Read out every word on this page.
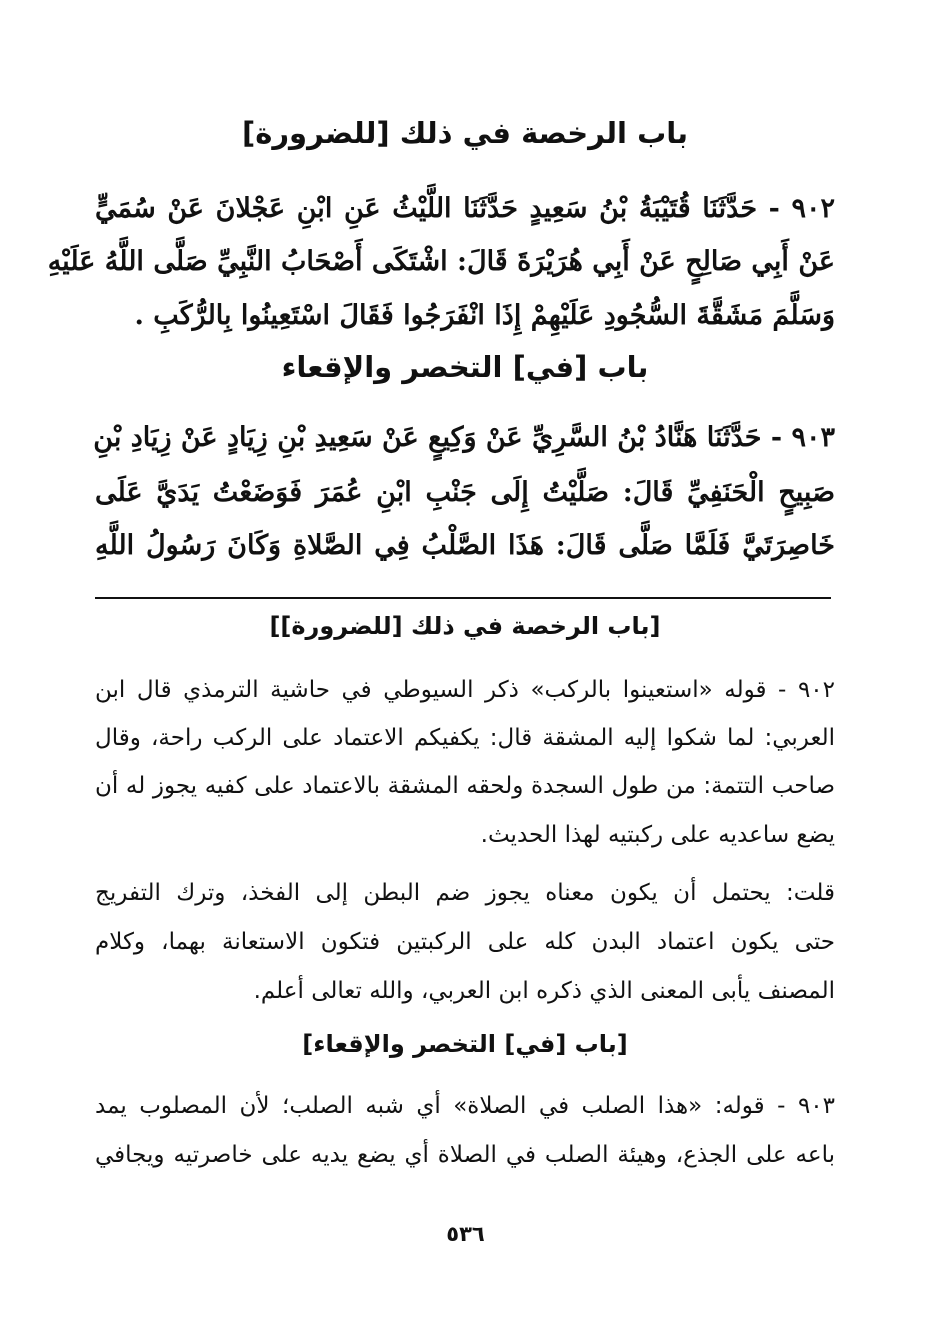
باب الرخصة في ذلك [للضرورة]
٩٠٢ - حَدَّثَنَا قُتَيْبَةُ بْنُ سَعِيدٍ حَدَّثَنَا اللَّيْثُ عَنِ ابْنِ عَجْلانَ عَنْ سُمَيٍّ
عَنْ أَبِي صَالِحٍ عَنْ أَبِي هُرَيْرَةَ قَالَ: اشْتَكَى أَصْحَابُ النَّبِيِّ صَلَّى اللَّهُ عَلَيْهِ
وَسَلَّمَ مَشَقَّةَ السُّجُودِ عَلَيْهِمْ إِذَا انْفَرَجُوا فَقَالَ اسْتَعِينُوا بِالرُّكَبِ .
باب [في] التخصر والإقعاء
٩٠٣ - حَدَّثَنَا هَنَّادُ بْنُ السَّرِيِّ عَنْ وَكِيعٍ عَنْ سَعِيدِ بْنِ زِيَادٍ عَنْ زِيَادِ بْنِ
صَبِيحٍ الْحَنَفِيِّ قَالَ: صَلَّيْتُ إِلَى جَنْبِ ابْنِ عُمَرَ فَوَضَعْتُ يَدَيَّ عَلَى
خَاصِرَتَيَّ فَلَمَّا صَلَّى قَالَ: هَذَا الصَّلْبُ فِي الصَّلاةِ وَكَانَ رَسُولُ اللَّهِ
[باب الرخصة في ذلك [للضرورة]]
٩٠٢ - قوله «استعينوا بالركب» ذكر السيوطي في حاشية الترمذي قال ابن
العربي: لما شكوا إليه المشقة قال: يكفيكم الاعتماد على الركب راحة، وقال
صاحب التتمة: من طول السجدة ولحقه المشقة بالاعتماد على كفيه يجوز له أن
يضع ساعديه على ركبتيه لهذا الحديث.
قلت: يحتمل أن يكون معناه يجوز ضم البطن إلى الفخذ، وترك التفريج
حتى يكون اعتماد البدن كله على الركبتين فتكون الاستعانة بهما، وكلام
المصنف يأبى المعنى الذي ذكره ابن العربي، والله تعالى أعلم.
[باب [في] التخصر والإقعاء]
٩٠٣ - قوله: «هذا الصلب في الصلاة» أي شبه الصلب؛ لأن المصلوب يمد
باعه على الجذع، وهيئة الصلب في الصلاة أي يضع يديه على خاصرتيه ويجافي
٥٣٦
